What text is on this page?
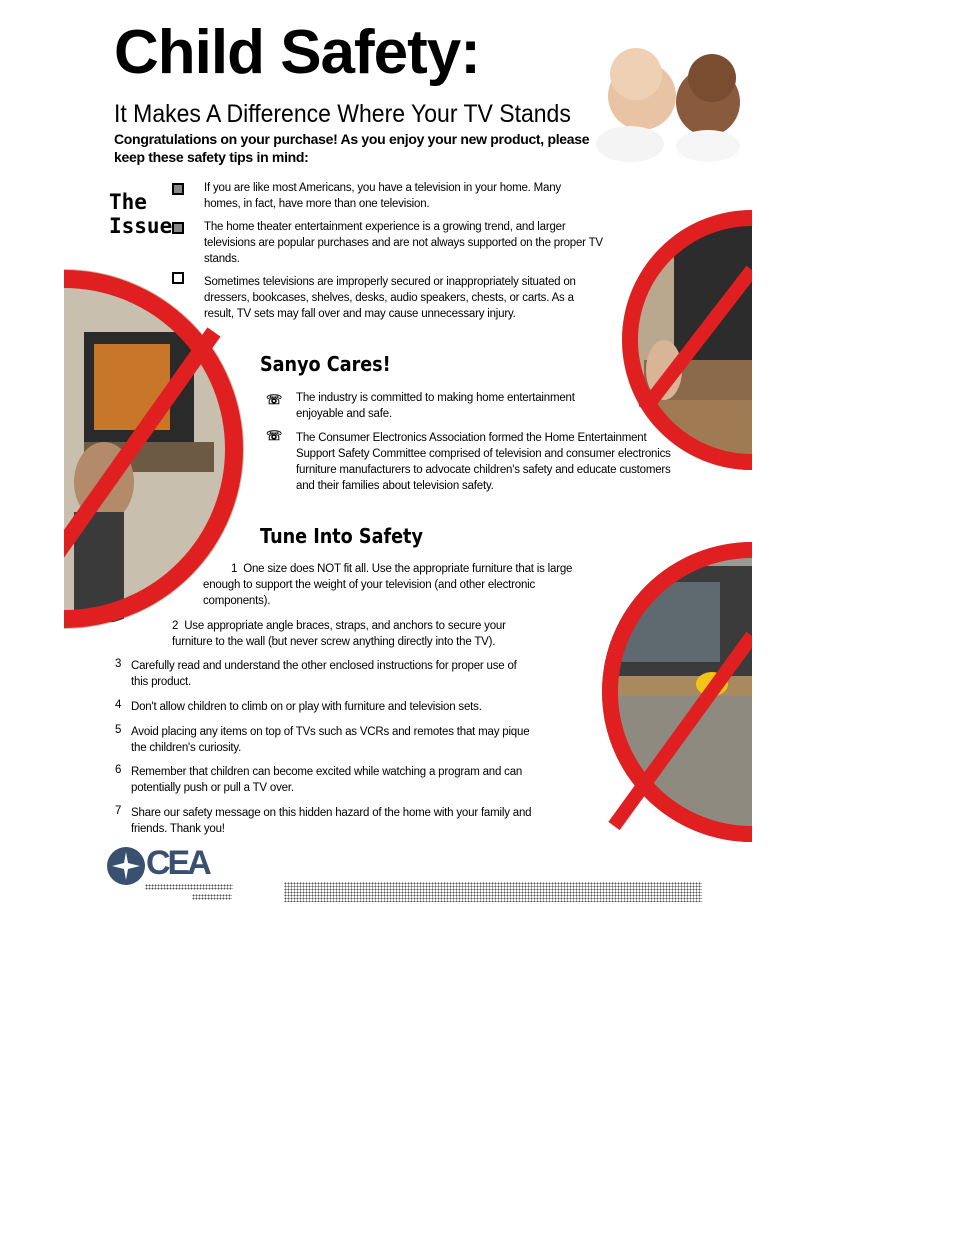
Child Safety:
It Makes A Difference Where Your TV Stands
Congratulations on your purchase! As you enjoy your new product, please keep these safety tips in mind:
The
Issue
If you are like most Americans, you have a television in your home. Many homes, in fact, have more than one television.
The home theater entertainment experience is a growing trend, and larger televisions are popular purchases and are not always supported on the proper TV stands.
Sometimes televisions are improperly secured or inappropriately situated on dressers, bookcases, shelves, desks, audio speakers, chests, or carts. As a result, TV sets may fall over and may cause unnecessary injury.
Sanyo Cares!
☏ The industry is committed to making home entertainment enjoyable and safe.
☏ The Consumer Electronics Association formed the Home Entertainment Support Safety Committee comprised of television and consumer electronics furniture manufacturers to advocate children's safety and educate customers and their families about television safety.
Tune Into Safety
1 One size does NOT fit all. Use the appropriate furniture that is large enough to support the weight of your television (and other electronic components).
2 Use appropriate angle braces, straps, and anchors to secure your furniture to the wall (but never screw anything directly into the TV).
3 Carefully read and understand the other enclosed instructions for proper use of this product.
4 Don't allow children to climb on or play with furniture and television sets.
5 Avoid placing any items on top of TVs such as VCRs and remotes that may pique the children's curiosity.
6 Remember that children can become excited while watching a program and can potentially push or pull a TV over.
7 Share our safety message on this hidden hazard of the home with your family and friends. Thank you!
CEA
